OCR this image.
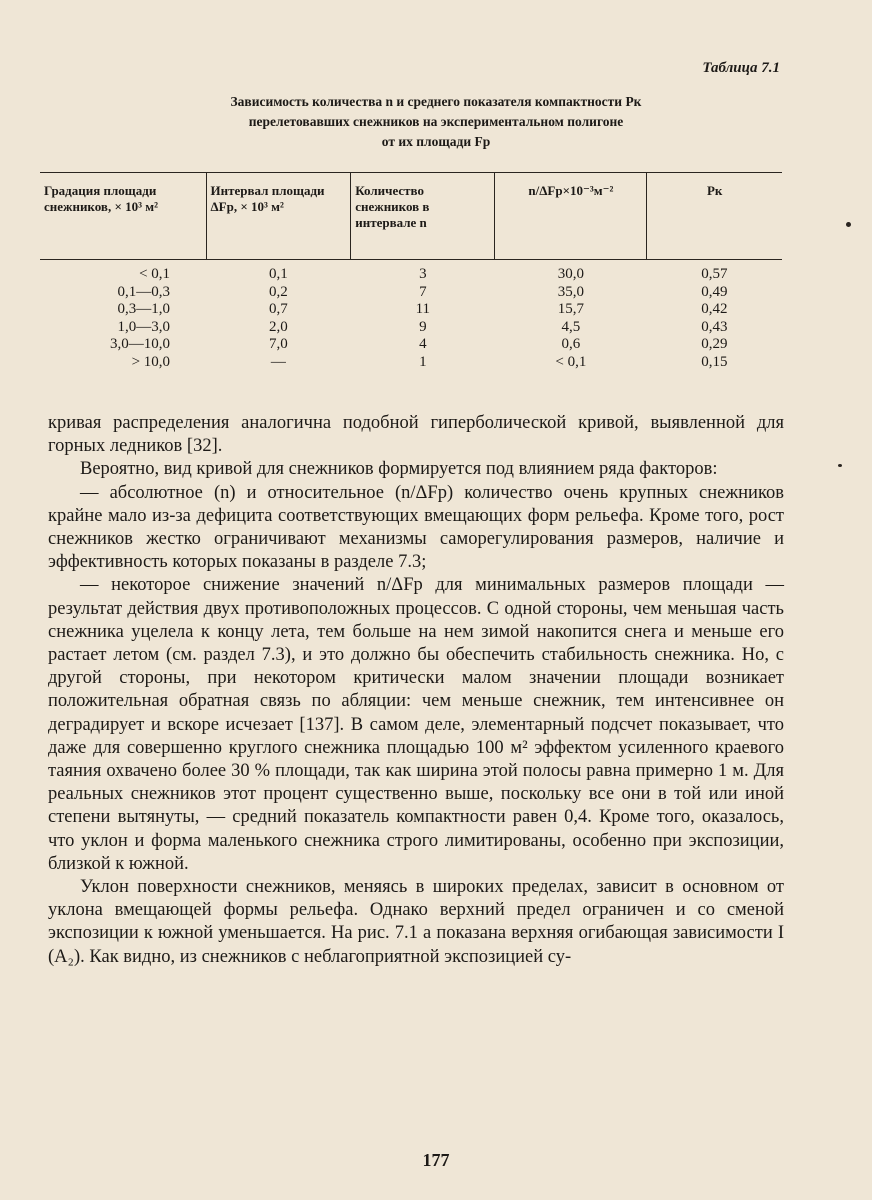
Таблица 7.1
Зависимость количества n и среднего показателя компактности Pк
перелетовавших снежников на экспериментальном полигоне
от их площади Fp
Градация площади снежников, × 10³ м²	Интервал площади ΔFp, × 10³ м²	Количество снежников в интервале n	n/ΔFp×10⁻³м⁻²	Pк
< 0,1	0,1	3	30,0	0,57
0,1—0,3	0,2	7	35,0	0,49
0,3—1,0	0,7	11	15,7	0,42
1,0—3,0	2,0	9	4,5	0,43
3,0—10,0	7,0	4	0,6	0,29
> 10,0	—	1	< 0,1	0,15

кривая распределения аналогична подобной гиперболической кривой, выявленной для горных ледников [32].

Вероятно, вид кривой для снежников формируется под влиянием ряда факторов:

— абсолютное (n) и относительное (n/ΔFp) количество очень крупных снежников крайне мало из-за дефицита соответствующих вмещающих форм рельефа. Кроме того, рост снежников жестко ограничивают механизмы саморегулирования размеров, наличие и эффективность которых показаны в разделе 7.3;

— некоторое снижение значений n/ΔFp для минимальных размеров площади — результат действия двух противоположных процессов. С одной стороны, чем меньшая часть снежника уцелела к концу лета, тем больше на нем зимой накопится снега и меньше его растает летом (см. раздел 7.3), и это должно бы обеспечить стабильность снежника. Но, с другой стороны, при некотором критически малом значении площади возникает положительная обратная связь по абляции: чем меньше снежник, тем интенсивнее он деградирует и вскоре исчезает [137]. В самом деле, элементарный подсчет показывает, что даже для совершенно круглого снежника площадью 100 м² эффектом усиленного краевого таяния охвачено более 30 % площади, так как ширина этой полосы равна примерно 1 м. Для реальных снежников этот процент существенно выше, поскольку все они в той или иной степени вытянуты, — средний показатель компактности равен 0,4. Кроме того, оказалось, что уклон и форма маленького снежника строго лимитированы, особенно при экспозиции, близкой к южной.

Уклон поверхности снежников, меняясь в широких пределах, зависит в основном от уклона вмещающей формы рельефа. Однако верхний предел ограничен и со сменой экспозиции к южной уменьшается. На рис. 7.1 а показана верхняя огибающая зависимости I (A₂). Как видно, из снежников с неблагоприятной экспозицией су-

177
